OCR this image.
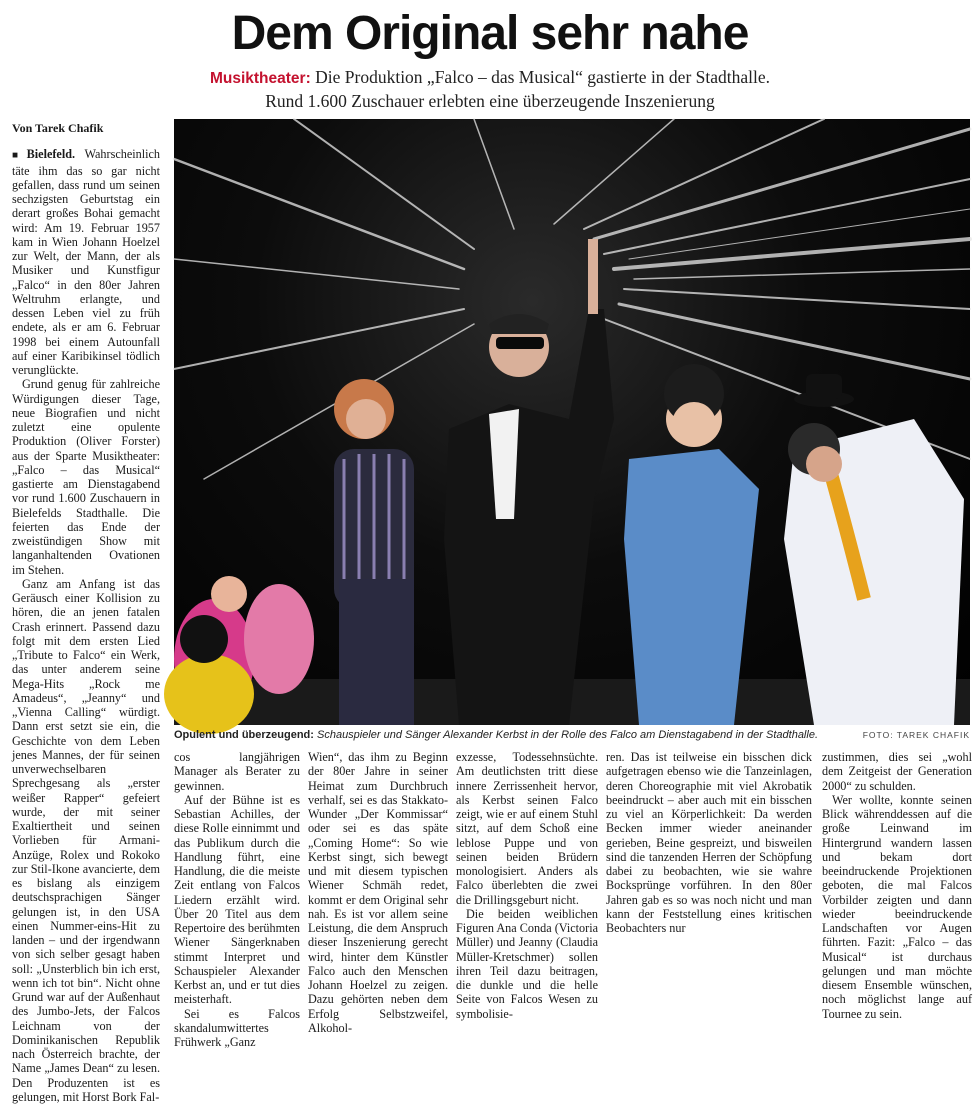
Dem Original sehr nahe
Musiktheater: Die Produktion „Falco – das Musical“ gastierte in der Stadthalle.
Rund 1.600 Zuschauer erlebten eine überzeugende Inszenierung
Von Tarek Chafik

■ Bielefeld. Wahrscheinlich täte ihm das so gar nicht gefallen, dass rund um seinen sechzigsten Geburtstag ein derart großes Bohai gemacht wird: Am 19. Februar 1957 kam in Wien Johann Hoelzel zur Welt, der Mann, der als Musiker und Kunstfigur „Falco“ in den 80er Jahren Weltruhm erlangte, und dessen Leben viel zu früh endete, als er am 6. Februar 1998 bei einem Autounfall auf einer Karibikinsel tödlich verunglückte.

Grund genug für zahlreiche Würdigungen dieser Tage, neue Biografien und nicht zuletzt eine opulente Produktion (Oliver Forster) aus der Sparte Musiktheater: „Falco – das Musical“ gastierte am Dienstagabend vor rund 1.600 Zuschauern in Bielefelds Stadthalle. Die feierten das Ende der zweistündigen Show mit langanhaltenden Ovationen im Stehen.

Ganz am Anfang ist das Geräusch einer Kollision zu hören, die an jenen fatalen Crash erinnert. Passend dazu folgt mit dem ersten Lied „Tribute to Falco“ ein Werk, das unter anderem seine Mega-Hits „Rock me Amadeus“, „Jeanny“ und „Vienna Calling“ würdigt. Dann erst setzt sie ein, die Geschichte von dem Leben jenes Mannes, der für seinen unverwechselbaren Sprechgesang als „erster weißer Rapper“ gefeiert wurde, der mit seiner Exaltiertheit und seinen Vorlieben für Armani-Anzüge, Rolex und Rokoko zur Stil-Ikone avancierte, dem es bislang als einzigem deutschsprachigen Sänger gelungen ist, in den USA einen Nummer-eins-Hit zu landen – und der irgendwann von sich selber gesagt haben soll: „Unsterblich bin ich erst, wenn ich tot bin“. Nicht ohne Grund war auf der Außenhaut des Jumbo-Jets, der Falcos Leichnam von der Dominikanischen Republik nach Österreich brachte, der Name „James Dean“ zu lesen. Den Produzenten ist es gelungen, mit Horst Bork Fal-

Opulent und überzeugend: Schauspieler und Sänger Alexander Kerbst in der Rolle des Falco am Dienstagabend in der Stadthalle.	FOTO: TAREK CHAFIK

cos langjährigen Manager als Berater zu gewinnen.

Auf der Bühne ist es Sebastian Achilles, der diese Rolle einnimmt und das Publikum durch die Handlung führt, eine Handlung, die die meiste Zeit entlang von Falcos Liedern erzählt wird. Über 20 Titel aus dem Repertoire des berühmten Wiener Sängerknaben stimmt Interpret und Schauspieler Alexander Kerbst an, und er tut dies meisterhaft.

Sei es Falcos skandalumwittertes Frühwerk „Ganz

Wien“, das ihm zu Beginn der 80er Jahre in seiner Heimat zum Durchbruch verhalf, sei es das Stakkato-Wunder „Der Kommissar“ oder sei es das späte „Coming Home“: So wie Kerbst singt, sich bewegt und mit diesem typischen Wiener Schmäh redet, kommt er dem Original sehr nah. Es ist vor allem seine Leistung, die dem Anspruch dieser Inszenierung gerecht wird, hinter dem Künstler Falco auch den Menschen Johann Hoelzel zu zeigen. Dazu gehörten neben dem Erfolg Selbstzweifel, Alkohol-

exzesse, Todessehnsüchte. Am deutlichsten tritt diese innere Zerrissenheit hervor, als Kerbst seinen Falco zeigt, wie er auf einem Stuhl sitzt, auf dem Schoß eine leblose Puppe und von seinen beiden Brüdern monologisiert. Anders als Falco überlebten die zwei die Drillingsgeburt nicht.

Die beiden weiblichen Figuren Ana Conda (Victoria Müller) und Jeanny (Claudia Müller-Kretschmer) sollen ihren Teil dazu beitragen, die dunkle und die helle Seite von Falcos Wesen zu symbolisie-

ren. Das ist teilweise ein bisschen dick aufgetragen ebenso wie die Tanzeinlagen, deren Choreographie mit viel Akrobatik beeindruckt – aber auch mit ein bisschen zu viel an Körperlichkeit: Da werden Becken immer wieder aneinander gerieben, Beine gespreizt, und bisweilen sind die tanzenden Herren der Schöpfung dabei zu beobachten, wie sie wahre Bocksprünge vorführen. In den 80er Jahren gab es so was noch nicht und man kann der Feststellung eines kritischen Beobachters nur

zustimmen, dies sei „wohl dem Zeitgeist der Generation 2000“ zu schulden.

Wer wollte, konnte seinen Blick währenddessen auf die große Leinwand im Hintergrund wandern lassen und bekam dort beeindruckende Projektionen geboten, die mal Falcos Vorbilder zeigten und dann wieder beeindruckende Landschaften vor Augen führten. Fazit: „Falco – das Musical“ ist durchaus gelungen und man möchte diesem Ensemble wünschen, noch möglichst lange auf Tournee zu sein.
